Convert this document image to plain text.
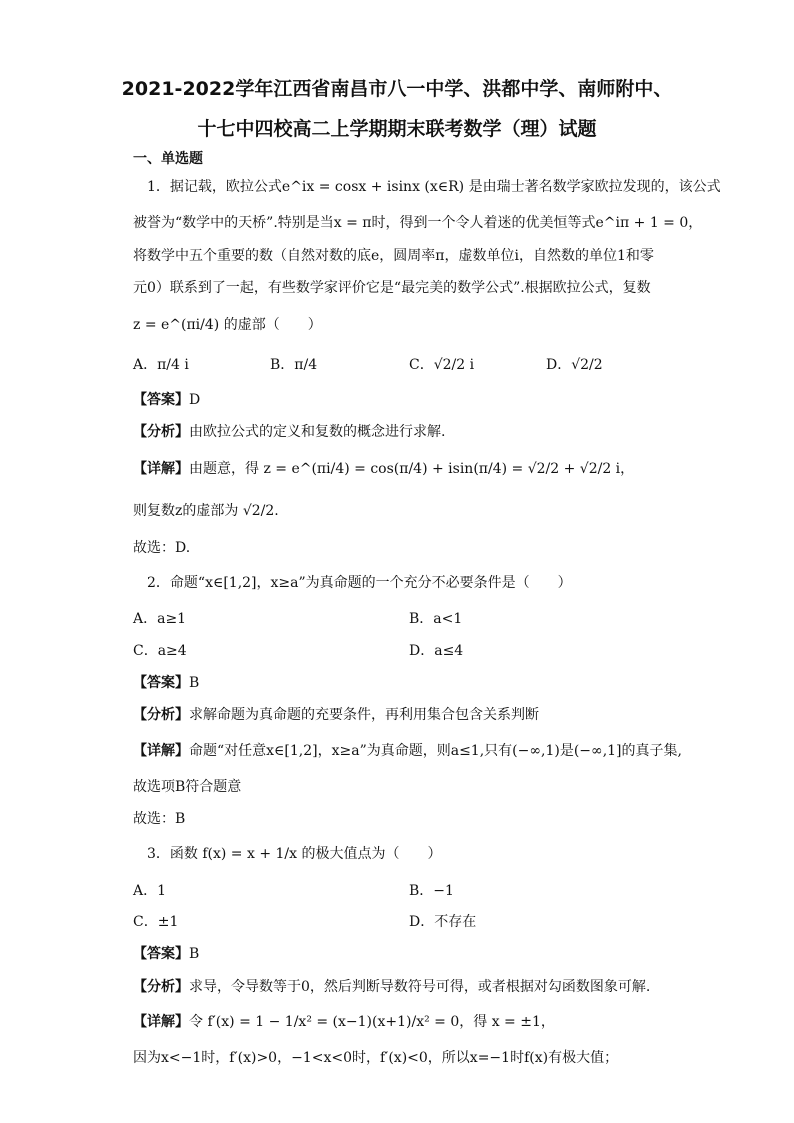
2021-2022学年江西省南昌市八一中学、洪都中学、南师附中、
十七中四校高二上学期期末联考数学（理）试题
一、单选题
1．据记载，欧拉公式e^ix = cosx + isinx (x∈R) 是由瑞士著名数学家欧拉发现的，该公式
被誉为“数学中的天桥”.特别是当x = π时，得到一个令人着迷的优美恒等式e^iπ + 1 = 0，
将数学中五个重要的数（自然对数的底e，圆周率π，虚数单位i，自然数的单位1和零
元0）联系到了一起，有些数学家评价它是“最完美的数学公式”.根据欧拉公式，复数
z = e^(πi/4) 的虚部（　　）
A．π/4 i	B．π/4	C．√2/2 i	D．√2/2
【答案】D
【分析】由欧拉公式的定义和复数的概念进行求解.
【详解】由题意，得 z = e^(πi/4) = cos(π/4) + isin(π/4) = √2/2 + √2/2 i，
则复数z的虚部为 √2/2.
故选：D.
2．命题“x∈[1,2]，x≥a”为真命题的一个充分不必要条件是（　　）
A．a≥1	B．a<1
C．a≥4	D．a≤4
【答案】B
【分析】求解命题为真命题的充要条件，再利用集合包含关系判断
【详解】命题“对任意x∈[1,2]，x≥a”为真命题，则a≤1,只有(−∞,1)是(−∞,1]的真子集,
故选项B符合题意
故选：B
3．函数 f(x) = x + 1/x 的极大值点为（　　）
A．1	B．−1
C．±1	D．不存在
【答案】B
【分析】求导，令导数等于0，然后判断导数符号可得，或者根据对勾函数图象可解.
【详解】令 f′(x) = 1 − 1/x² = (x−1)(x+1)/x² = 0，得 x = ±1，
因为x<−1时，f′(x)>0，−1<x<0时，f′(x)<0，所以x=−1时f(x)有极大值；
